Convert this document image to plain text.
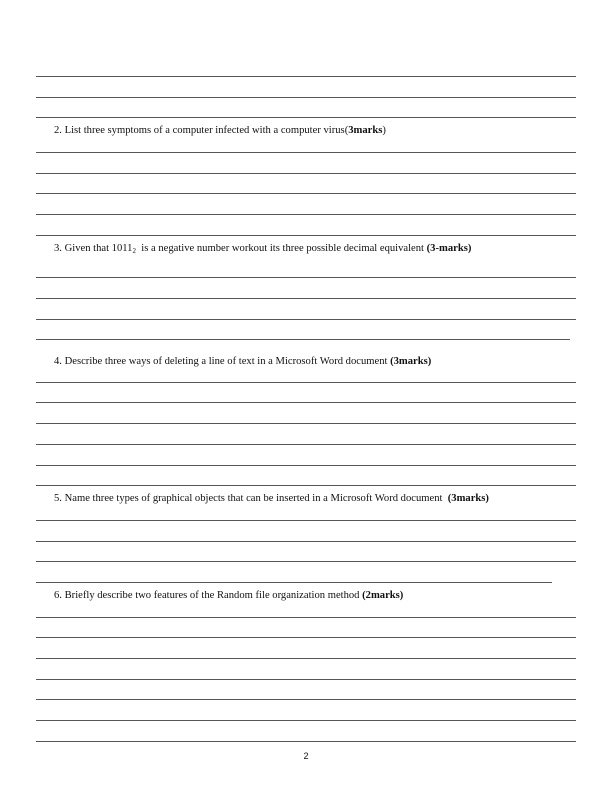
2. List three symptoms of a computer infected with a computer virus(3marks)
3. Given that $1011_2$  is a negative number workout its three possible decimal equivalent (3-marks)
4. Describe three ways of deleting a line of text in a Microsoft Word document (3marks)
5. Name three types of graphical objects that can be inserted in a Microsoft Word document  (3marks)
6. Briefly describe two features of the Random file organization method (2marks)
2
